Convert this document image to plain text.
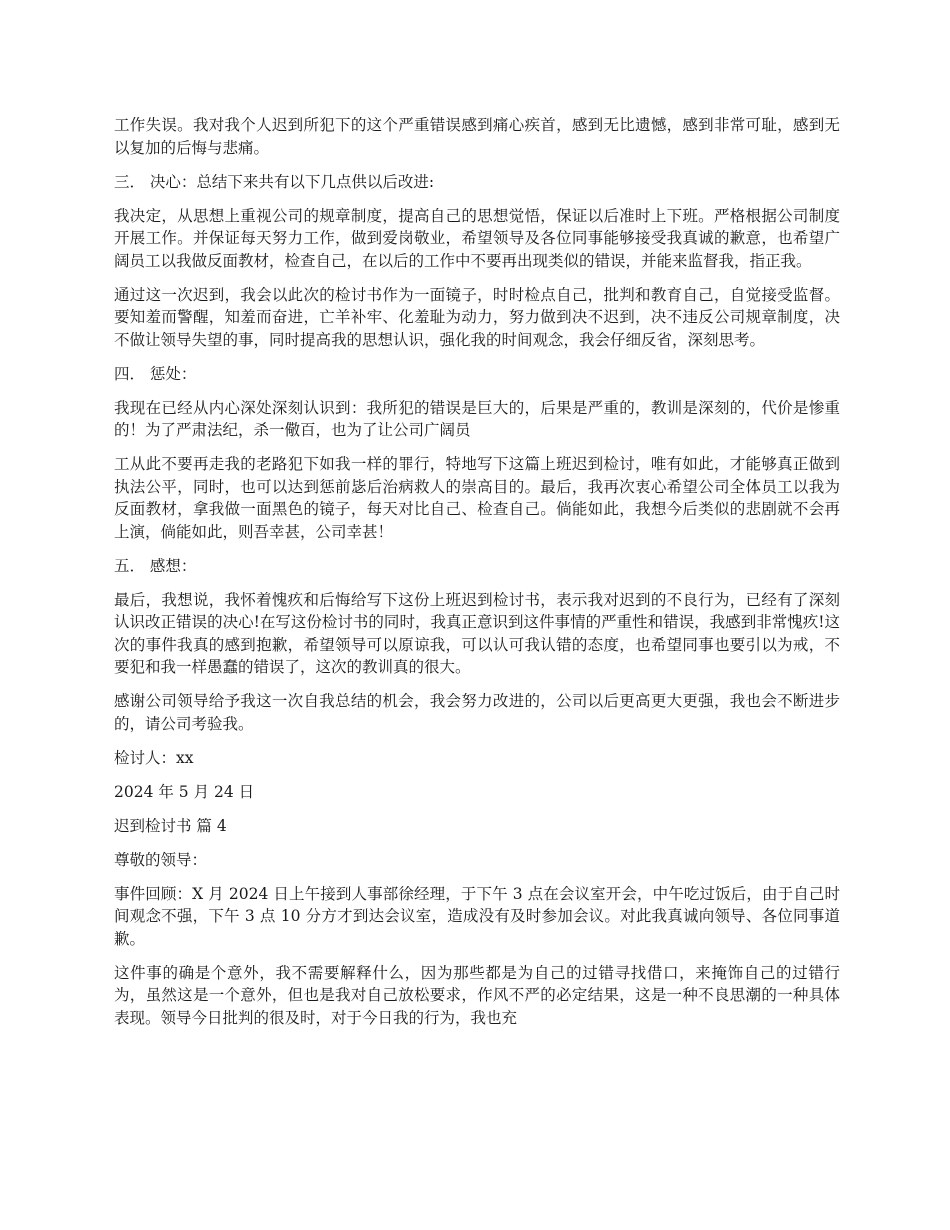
工作失误。我对我个人迟到所犯下的这个严重错误感到痛心疾首，感到无比遗憾，感到非常可耻，感到无以复加的后悔与悲痛。

三． 决心：总结下来共有以下几点供以后改进:

我决定，从思想上重视公司的规章制度，提高自己的思想觉悟，保证以后准时上下班。严格根据公司制度开展工作。并保证每天努力工作，做到爱岗敬业，希望领导及各位同事能够接受我真诚的歉意，也希望广阔员工以我做反面教材，检查自己，在以后的工作中不要再出现类似的错误，并能来监督我，指正我。

通过这一次迟到，我会以此次的检讨书作为一面镜子，时时检点自己，批判和教育自己，自觉接受监督。要知羞而警醒，知羞而奋进，亡羊补牢、化羞耻为动力，努力做到决不迟到，决不违反公司规章制度，决不做让领导失望的事，同时提高我的思想认识，强化我的时间观念，我会仔细反省，深刻思考。

四． 惩处：

我现在已经从内心深处深刻认识到：我所犯的错误是巨大的，后果是严重的，教训是深刻的，代价是惨重的！为了严肃法纪，杀一儆百，也为了让公司广阔员

工从此不要再走我的老路犯下如我一样的罪行，特地写下这篇上班迟到检讨，唯有如此，才能够真正做到执法公平，同时，也可以达到惩前毖后治病救人的崇高目的。最后，我再次衷心希望公司全体员工以我为反面教材，拿我做一面黑色的镜子，每天对比自己、检查自己。倘能如此，我想今后类似的悲剧就不会再上演，倘能如此，则吾幸甚，公司幸甚！

五． 感想：

最后，我想说，我怀着愧疚和后悔给写下这份上班迟到检讨书，表示我对迟到的不良行为，已经有了深刻认识改正错误的决心!在写这份检讨书的同时，我真正意识到这件事情的严重性和错误，我感到非常愧疚!这次的事件我真的感到抱歉，希望领导可以原谅我，可以认可我认错的态度，也希望同事也要引以为戒，不要犯和我一样愚蠢的错误了，这次的教训真的很大。

感谢公司领导给予我这一次自我总结的机会，我会努力改进的，公司以后更高更大更强，我也会不断进步的，请公司考验我。

检讨人：xx

2024 年 5 月 24 日

迟到检讨书 篇 4

尊敬的领导：

事件回顾：X 月 2024 日上午接到人事部徐经理，于下午 3 点在会议室开会，中午吃过饭后，由于自己时间观念不强，下午 3 点 10 分方才到达会议室，造成没有及时参加会议。对此我真诚向领导、各位同事道歉。

这件事的确是个意外，我不需要解释什么，因为那些都是为自己的过错寻找借口，来掩饰自己的过错行为，虽然这是一个意外，但也是我对自己放松要求，作风不严的必定结果，这是一种不良思潮的一种具体表现。领导今日批判的很及时，对于今日我的行为，我也充
